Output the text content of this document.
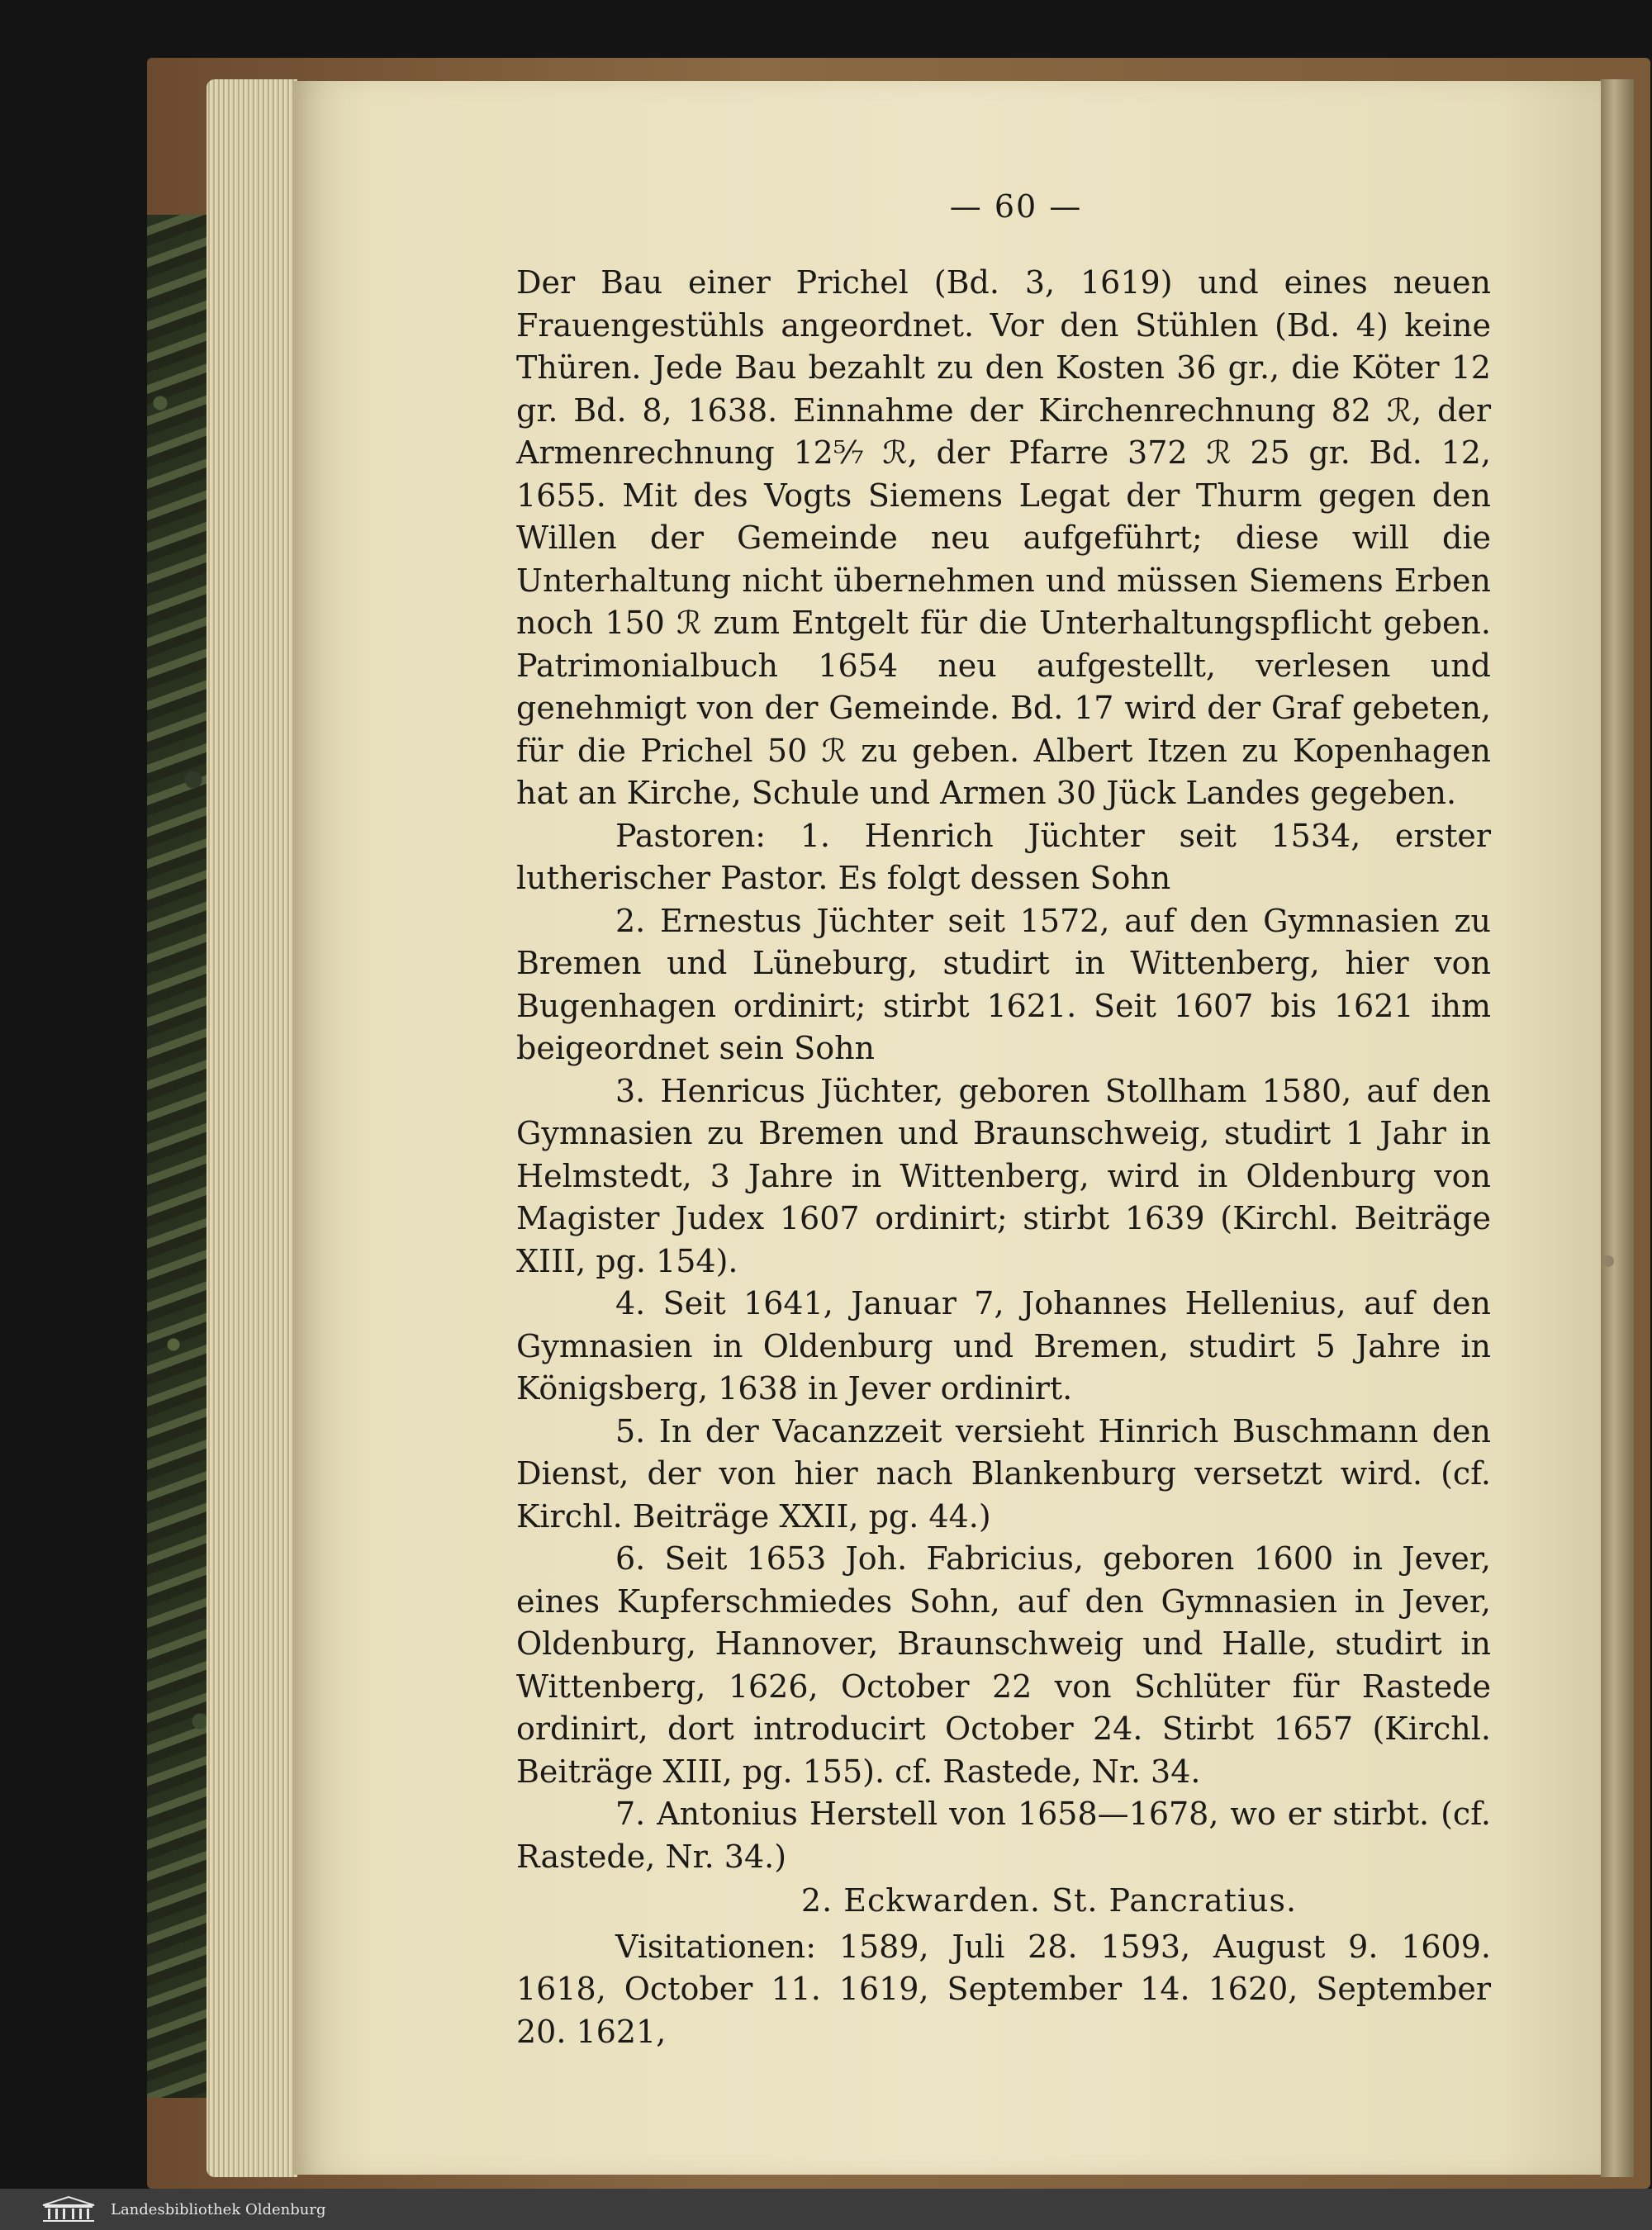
— 60 —

Der Bau einer Prichel (Bd. 3, 1619) und eines neuen Frauengestühls angeordnet. Vor den Stühlen (Bd. 4) keine Thüren. Jede Bau bezahlt zu den Kosten 36 gr., die Köter 12 gr. Bd. 8, 1638. Einnahme der Kirchenrechnung 82 ℛ︁, der Armenrechnung 12⁵⁄₇ ℛ︁, der Pfarre 372 ℛ︁ 25 gr. Bd. 12, 1655. Mit des Vogts Siemens Legat der Thurm gegen den Willen der Gemeinde neu aufgeführt; diese will die Unterhaltung nicht übernehmen und müssen Siemens Erben noch 150 ℛ︁ zum Entgelt für die Unterhaltungspflicht geben. Patrimonialbuch 1654 neu aufgestellt, verlesen und genehmigt von der Gemeinde. Bd. 17 wird der Graf gebeten, für die Prichel 50 ℛ︁ zu geben. Albert Itzen zu Kopenhagen hat an Kirche, Schule und Armen 30 Jück Landes gegeben.

Pastoren: 1. Henrich Jüchter seit 1534, erster lutherischer Pastor. Es folgt dessen Sohn

2. Ernestus Jüchter seit 1572, auf den Gymnasien zu Bremen und Lüneburg, studirt in Wittenberg, hier von Bugenhagen ordinirt; stirbt 1621. Seit 1607 bis 1621 ihm beigeordnet sein Sohn

3. Henricus Jüchter, geboren Stollham 1580, auf den Gymnasien zu Bremen und Braunschweig, studirt 1 Jahr in Helmstedt, 3 Jahre in Wittenberg, wird in Oldenburg von Magister Judex 1607 ordinirt; stirbt 1639 (Kirchl. Beiträge XIII, pg. 154).

4. Seit 1641, Januar 7, Johannes Hellenius, auf den Gymnasien in Oldenburg und Bremen, studirt 5 Jahre in Königsberg, 1638 in Jever ordinirt.

5. In der Vacanzzeit versieht Hinrich Buschmann den Dienst, der von hier nach Blankenburg versetzt wird. (cf. Kirchl. Beiträge XXII, pg. 44.)

6. Seit 1653 Joh. Fabricius, geboren 1600 in Jever, eines Kupferschmiedes Sohn, auf den Gymnasien in Jever, Oldenburg, Hannover, Braunschweig und Halle, studirt in Wittenberg, 1626, October 22 von Schlüter für Rastede ordinirt, dort introducirt October 24. Stirbt 1657 (Kirchl. Beiträge XIII, pg. 155). cf. Rastede, Nr. 34.

7. Antonius Herstell von 1658—1678, wo er stirbt. (cf. Rastede, Nr. 34.)

2. Eckwarden. St. Pancratius.

Visitationen: 1589, Juli 28. 1593, August 9. 1609. 1618, October 11. 1619, September 14. 1620, September 20. 1621,

Landesbibliothek Oldenburg
